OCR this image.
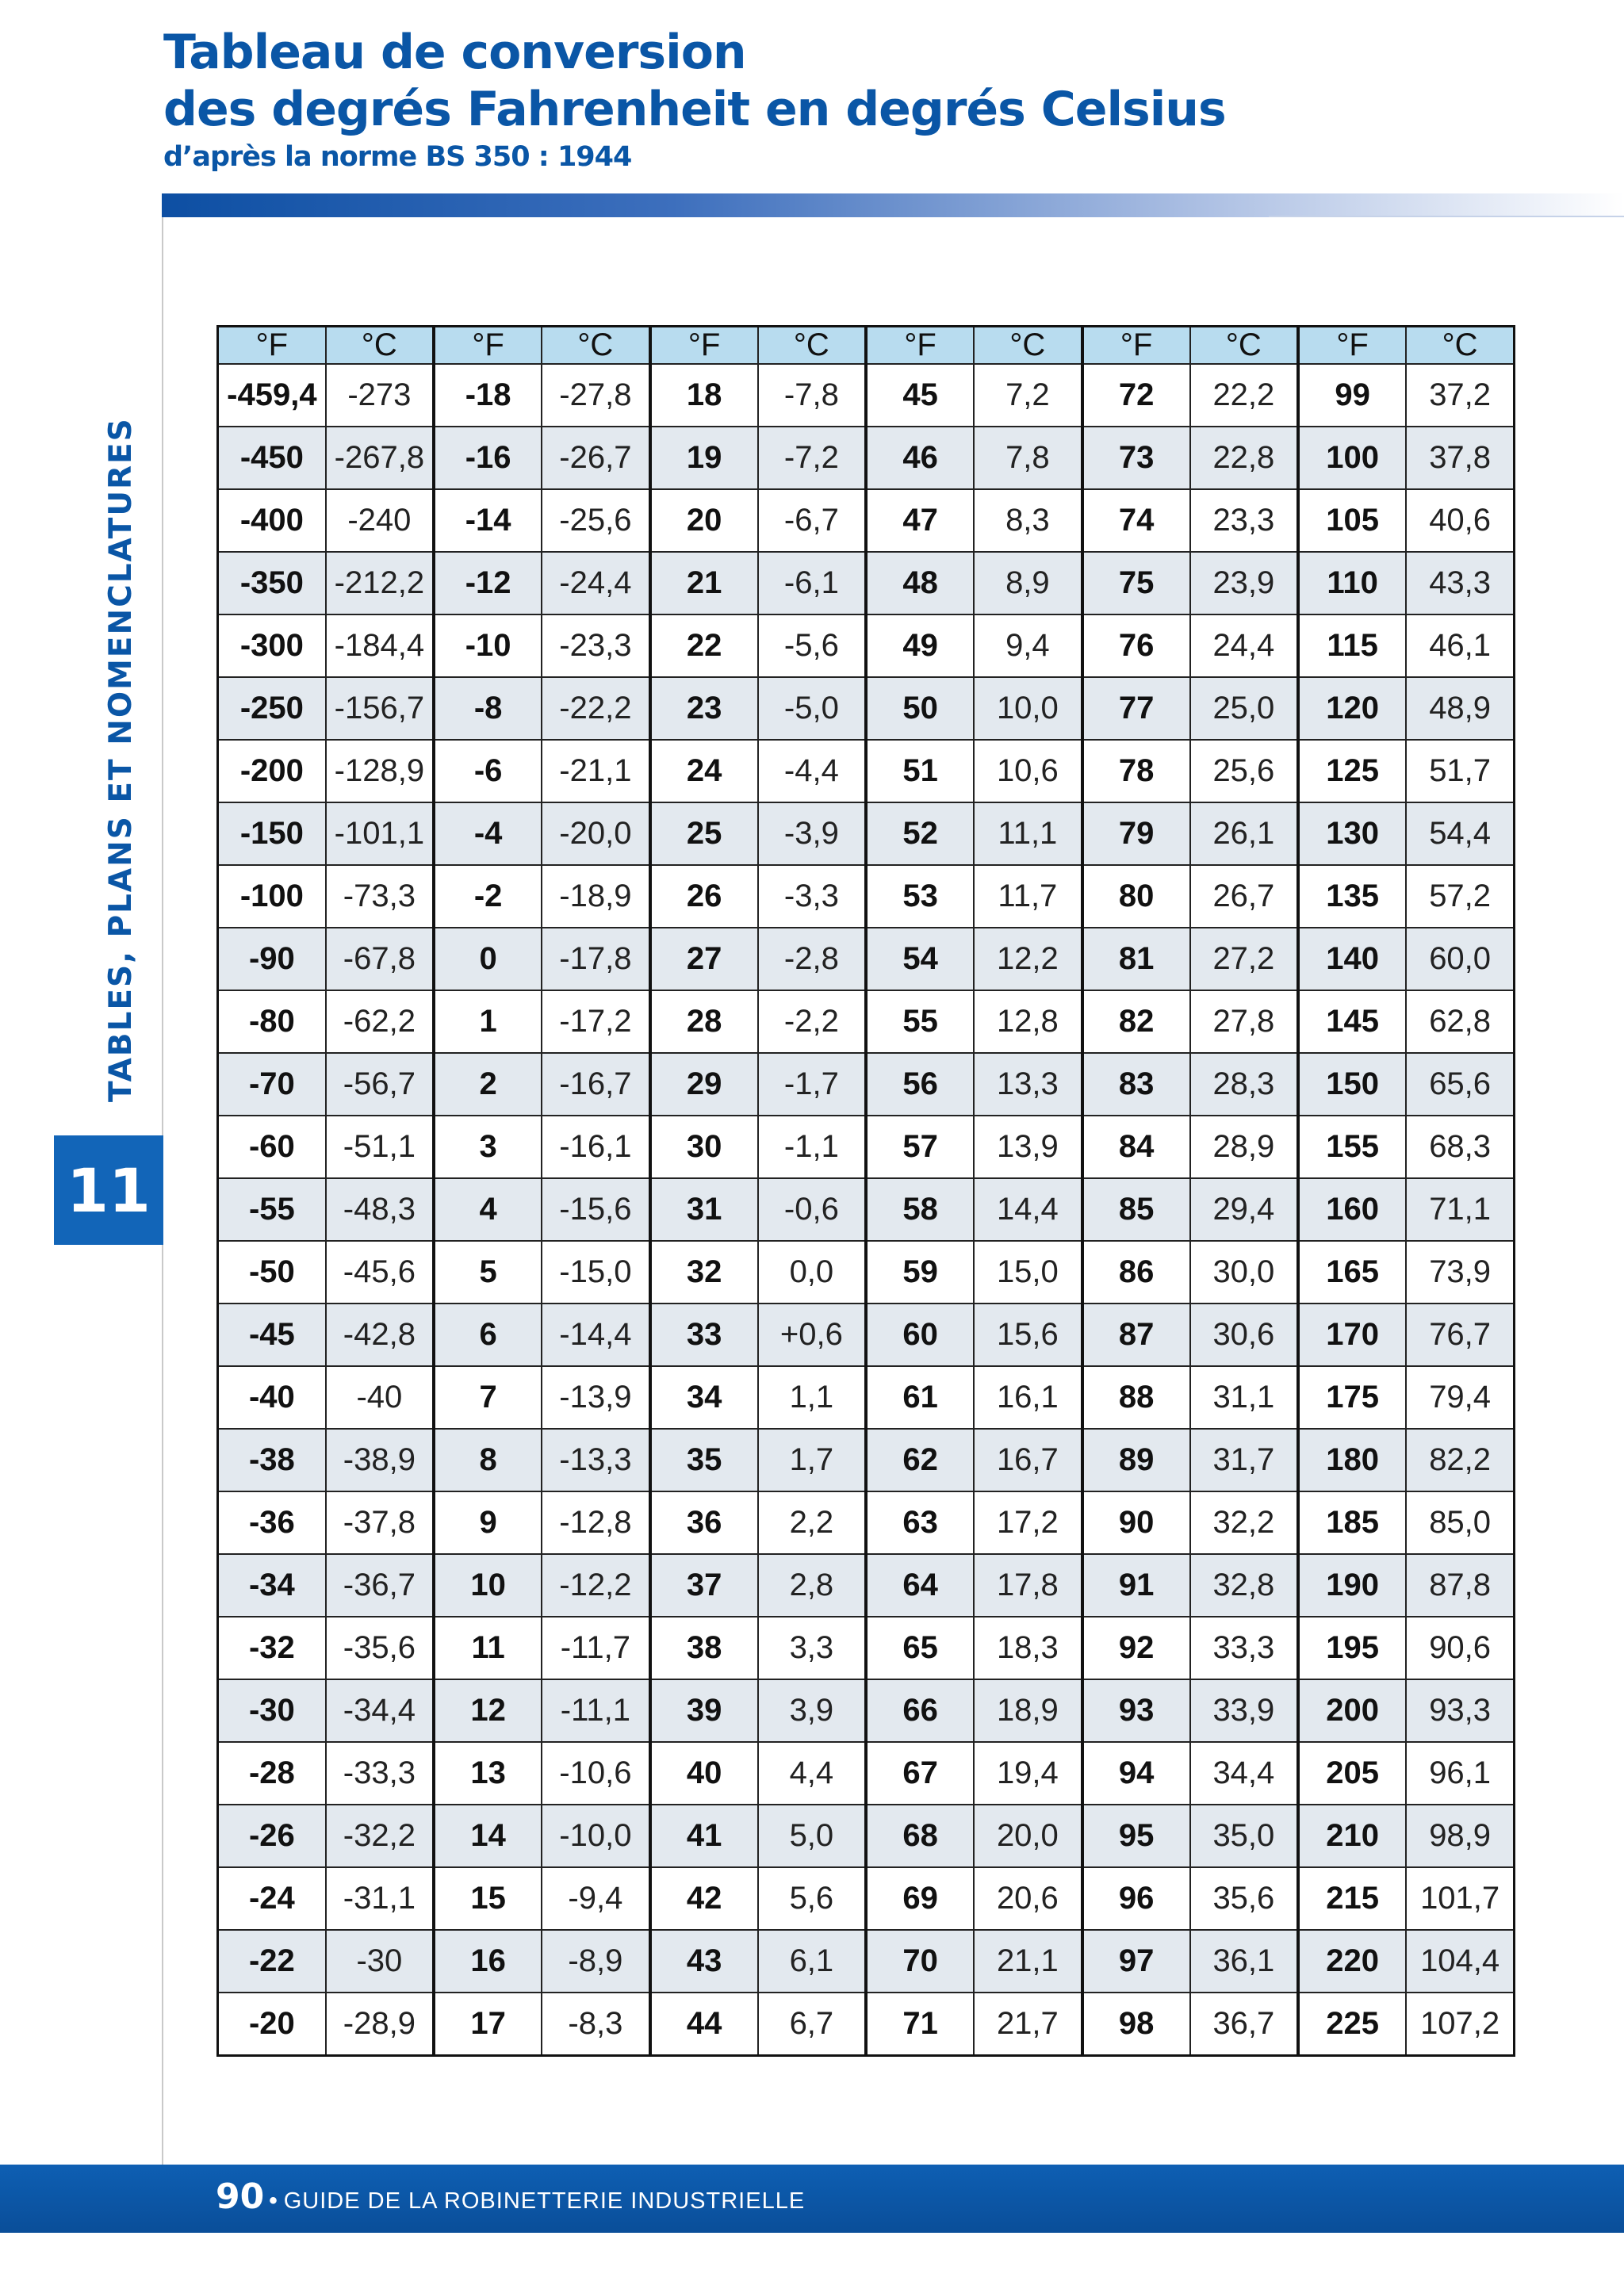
Tableau de conversion
des degrés Fahrenheit en degrés Celsius
d’après la norme BS 350 : 1944
TABLES, PLANS ET NOMENCLATURES
11
°F	°C	°F	°C	°F	°C	°F	°C	°F	°C	°F	°C
-459,4	-273	-18	-27,8	18	-7,8	45	7,2	72	22,2	99	37,2
-450	-267,8	-16	-26,7	19	-7,2	46	7,8	73	22,8	100	37,8
-400	-240	-14	-25,6	20	-6,7	47	8,3	74	23,3	105	40,6
-350	-212,2	-12	-24,4	21	-6,1	48	8,9	75	23,9	110	43,3
-300	-184,4	-10	-23,3	22	-5,6	49	9,4	76	24,4	115	46,1
-250	-156,7	-8	-22,2	23	-5,0	50	10,0	77	25,0	120	48,9
-200	-128,9	-6	-21,1	24	-4,4	51	10,6	78	25,6	125	51,7
-150	-101,1	-4	-20,0	25	-3,9	52	11,1	79	26,1	130	54,4
-100	-73,3	-2	-18,9	26	-3,3	53	11,7	80	26,7	135	57,2
-90	-67,8	0	-17,8	27	-2,8	54	12,2	81	27,2	140	60,0
-80	-62,2	1	-17,2	28	-2,2	55	12,8	82	27,8	145	62,8
-70	-56,7	2	-16,7	29	-1,7	56	13,3	83	28,3	150	65,6
-60	-51,1	3	-16,1	30	-1,1	57	13,9	84	28,9	155	68,3
-55	-48,3	4	-15,6	31	-0,6	58	14,4	85	29,4	160	71,1
-50	-45,6	5	-15,0	32	0,0	59	15,0	86	30,0	165	73,9
-45	-42,8	6	-14,4	33	+0,6	60	15,6	87	30,6	170	76,7
-40	-40	7	-13,9	34	1,1	61	16,1	88	31,1	175	79,4
-38	-38,9	8	-13,3	35	1,7	62	16,7	89	31,7	180	82,2
-36	-37,8	9	-12,8	36	2,2	63	17,2	90	32,2	185	85,0
-34	-36,7	10	-12,2	37	2,8	64	17,8	91	32,8	190	87,8
-32	-35,6	11	-11,7	38	3,3	65	18,3	92	33,3	195	90,6
-30	-34,4	12	-11,1	39	3,9	66	18,9	93	33,9	200	93,3
-28	-33,3	13	-10,6	40	4,4	67	19,4	94	34,4	205	96,1
-26	-32,2	14	-10,0	41	5,0	68	20,0	95	35,0	210	98,9
-24	-31,1	15	-9,4	42	5,6	69	20,6	96	35,6	215	101,7
-22	-30	16	-8,9	43	6,1	70	21,1	97	36,1	220	104,4
-20	-28,9	17	-8,3	44	6,7	71	21,7	98	36,7	225	107,2
90 • GUIDE DE LA ROBINETTERIE INDUSTRIELLE
